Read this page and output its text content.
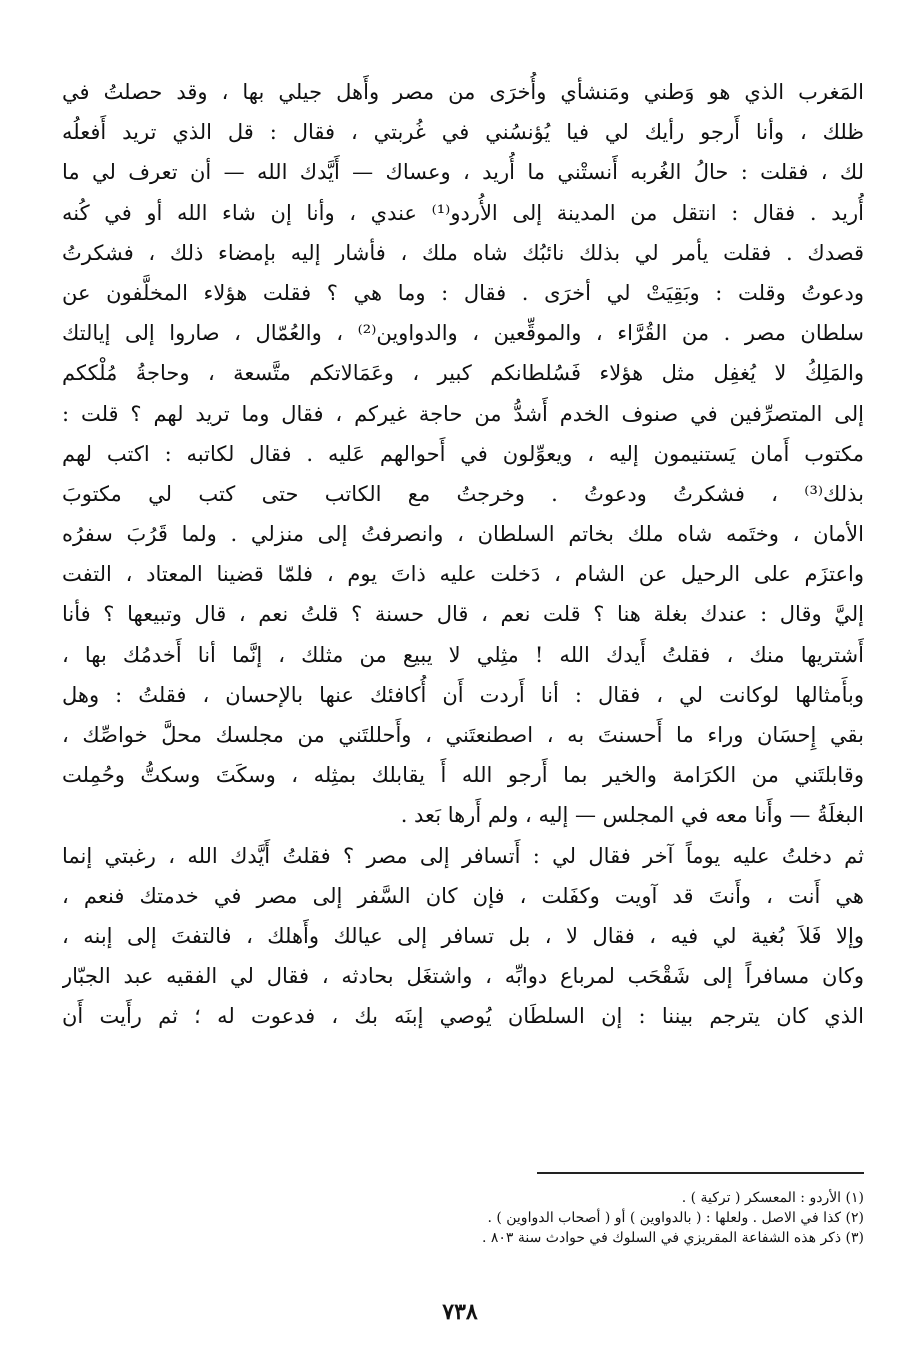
المَغرب الذي هو وَطني ومَنشأي وأُخرَى من مصر وأَهل جيلي بها ، وقد حصلتُ في
ظلك ، وأنا أَرجو رأيك لي فيا يُؤنسُني في غُربتي ، فقال : قل الذي تريد أَفعلُه
لك ، فقلت : حالُ الغُربه أَنستْني ما أُريد ، وعساك — أَيَّدك الله — أن تعرف لي ما
أُريد . فقال : انتقل من المدينة إلى الأُردو⁽¹⁾ عندي ، وأنا إن شاء الله أو في كُنه
قصدك . فقلت يأمر لي بذلك نائبُك شاه ملك ، فأشار إليه بإمضاء ذلك ، فشكرتُ
ودعوتُ وقلت : وبَقِيَتْ لي أخرَى . فقال : وما هي ؟ فقلت هؤلاء المخلَّفون عن
سلطان مصر . من القُرَّاء ، والموقِّعين ، والدواوين⁽²⁾ ، والعُمّال ، صاروا إلى إيالتك
والمَلِكُ لا يُغفِل مثل هؤلاء فَسُلطانكم كبير ، وعَمَالاتكم متَّسعة ، وحاجةُ مُلْككم
إلى المتصرِّفين في صنوف الخدم أَشدُّ من حاجة غيركم ، فقال وما تريد لهم ؟ قلت :
مكتوب أَمان يَستنيمون إليه ، ويعوِّلون في أَحوالهم عَليه . فقال لكاتبه : اكتب لهم
بذلك⁽³⁾ ، فشكرتُ ودعوتُ . وخرجتُ مع الكاتب حتى كتب لي مكتوبَ
الأمان ، وختَمه شاه ملك بخاتم السلطان ، وانصرفتُ إلى منزلي . ولما قَرُبَ سفرُه
واعتزَم على الرحيل عن الشام ، دَخلت عليه ذاتَ يوم ، فلمّا قضينا المعتاد ، التفت
إليَّ وقال : عندك بغلة هنا ؟ قلت نعم ، قال حسنة ؟ قلتُ نعم ، قال وتبيعها ؟ فأنا
أَشتريها منك ، فقلتُ أَيدك الله ! مثِلي لا يبيع من مثلك ، إنَّما أنا أَخدمُك بها ،
وبأَمثالها لوكانت لي ، فقال : أنا أَردت أَن أُكافئك عنها بالإحسان ، فقلتُ : وهل
بقي إِحسَان وراء ما أَحسنتَ به ، اصطنعتَني ، وأَحللتَني من مجلسك محلَّ خواصِّك ،
وقابلتَني من الكرَامة والخير بما أَرجو الله أَ يقابلك بمثِله ، وسكَتَ وسكتُّ وحُمِلت
البغلَةُ — وأَنا معه في المجلس — إليه ، ولم أَرها بَعد .
ثم دخلتُ عليه يوماً آخر فقال لي : أَتسافر إلى مصر ؟ فقلتُ أَيَّدك الله ، رغبتي إنما
هي أَنت ، وأَنتَ قد آويت وكفَلت ، فإن كان السَّفر إلى مصر في خدمتك فنعم ،
وإلا فَلاَ بُغية لي فيه ، فقال لا ، بل تسافر إلى عيالك وأَهلك ، فالتفتَ إلى إبنه ،
وكان مسافراً إلى شَقْحَب لمرباع دوابِّه ، واشتغَل بحادثه ، فقال لي الفقيه عبد الجبّار
الذي كان يترجم بيننا : إن السلطَان يُوصي إبنَه بك ، فدعوت له ؛ ثم رأَيت أَن
(١) الأردو : المعسكر ( تركية ) .
(٢) كذا في الاصل . ولعلها : ( بالدواوين ) أو ( أصحاب الدواوين ) .
(٣) ذكر هذه الشفاعة المقريزي في السلوك في حوادث سنة ٨٠٣ .
٧٣٨
